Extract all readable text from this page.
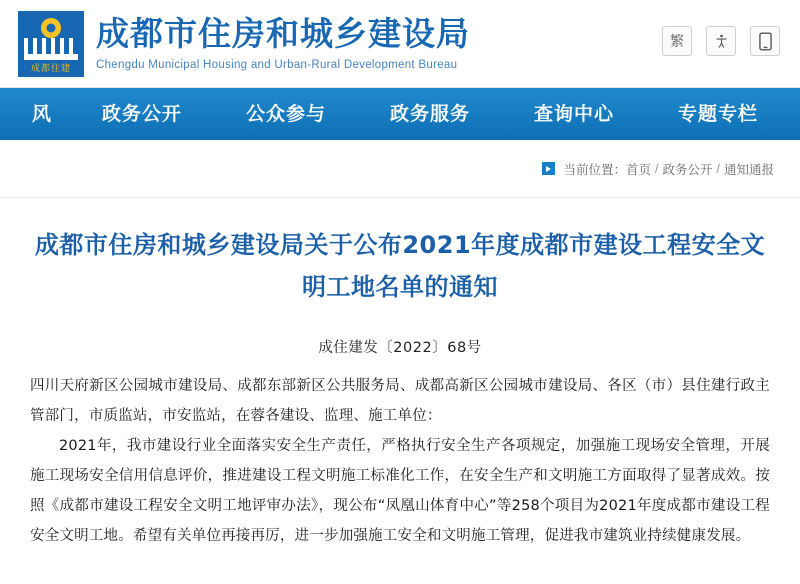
成都住建
成都市住房和城乡建设局
Chengdu Municipal Housing and Urban-Rural Development Bureau
繁
风	政务公开	公众参与	政务服务	查询中心	专题专栏
当前位置： 首页 / 政务公开 / 通知通报
成都市住房和城乡建设局关于公布2021年度成都市建设工程安全文明工地名单的通知
成住建发〔2022〕68号

四川天府新区公园城市建设局、成都东部新区公共服务局、成都高新区公园城市建设局、各区（市）县住建行政主管部门，市质监站，市安监站，在蓉各建设、监理、施工单位：

2021年，我市建设行业全面落实安全生产责任，严格执行安全生产各项规定，加强施工现场安全管理，开展施工现场安全信用信息评价，推进建设工程文明施工标准化工作，在安全生产和文明施工方面取得了显著成效。按照《成都市建设工程安全文明工地评审办法》，现公布“凤凰山体育中心”等258个项目为2021年度成都市建设工程安全文明工地。希望有关单位再接再厉，进一步加强施工安全和文明施工管理，促进我市建筑业持续健康发展。
